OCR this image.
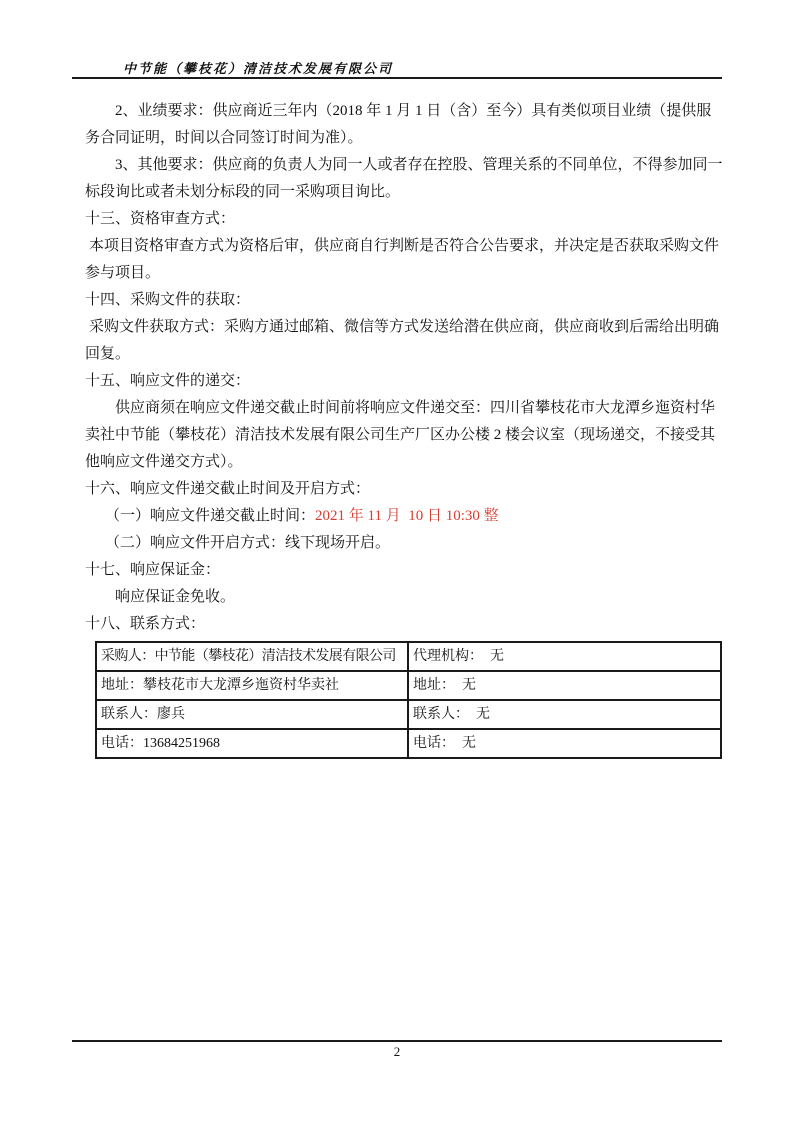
中节能（攀枝花）清洁技术发展有限公司

2、业绩要求：供应商近三年内（2018 年 1 月 1 日（含）至今）具有类似项目业绩（提供服务合同证明，时间以合同签订时间为准）。

3、其他要求：供应商的负责人为同一人或者存在控股、管理关系的不同单位，不得参加同一标段询比或者未划分标段的同一采购项目询比。

十三、资格审查方式：

本项目资格审查方式为资格后审，供应商自行判断是否符合公告要求，并决定是否获取采购文件参与项目。

十四、采购文件的获取：

采购文件获取方式：采购方通过邮箱、微信等方式发送给潜在供应商，供应商收到后需给出明确回复。

十五、响应文件的递交：

供应商须在响应文件递交截止时间前将响应文件递交至：四川省攀枝花市大龙潭乡迤资村华卖社中节能（攀枝花）清洁技术发展有限公司生产厂区办公楼 2 楼会议室（现场递交，不接受其他响应文件递交方式）。

十六、响应文件递交截止时间及开启方式：

（一）响应文件递交截止时间：2021 年 11 月  10 日 10:30 整

（二）响应文件开启方式：线下现场开启。

十七、响应保证金：

响应保证金免收。

十八、联系方式：

采购人：中节能（攀枝花）清洁技术发展有限公司	代理机构：  无
地址：攀枝花市大龙潭乡迤资村华卖社	地址：  无
联系人：廖兵	联系人：  无
电话：13684251968	电话：  无
2
